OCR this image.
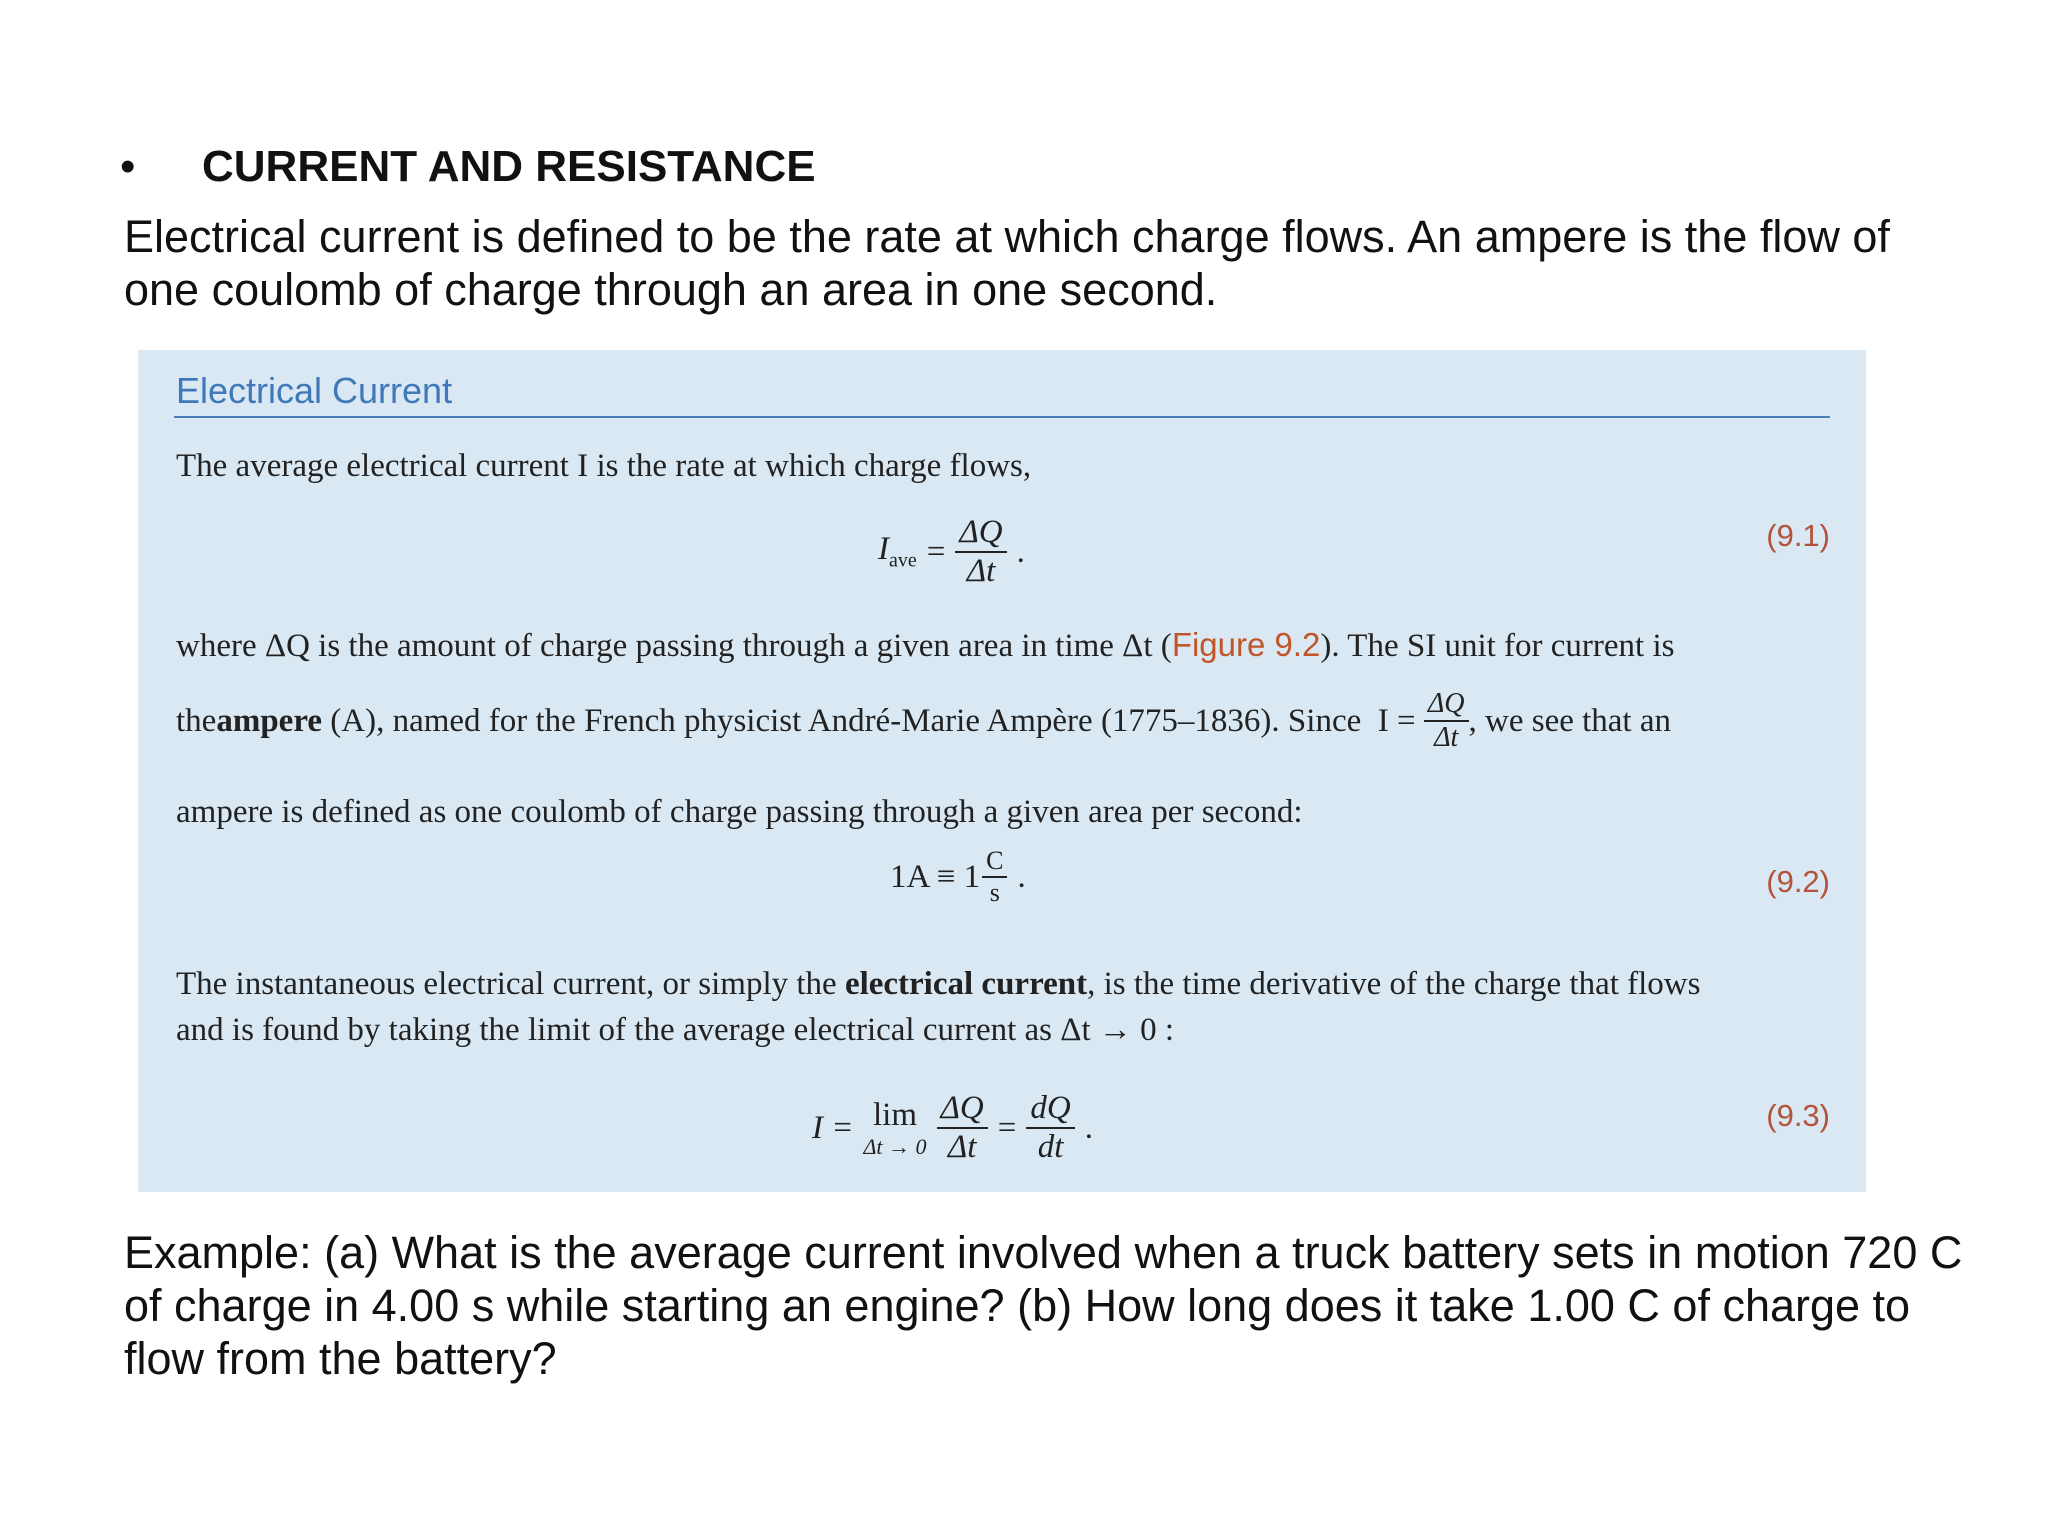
•	CURRENT AND RESISTANCE
Electrical current is defined to be the rate at which charge flows. An ampere is the flow of one coulomb of charge through an area in one second.
Electrical Current
The average electrical current I is the rate at which charge flows,
$I_{ave} = \frac{\Delta Q}{\Delta t}$ .	(9.1)
where ΔQ is the amount of charge passing through a given area in time Δt (Figure 9.2). The SI unit for current is
the ampere (A), named for the French physicist André-Marie Ampère (1775–1836). Since  $I = \frac{\Delta Q}{\Delta t}$ , we see that an
ampere is defined as one coulomb of charge passing through a given area per second:
$1A \equiv 1 \frac{C}{s}$ .	(9.2)
The instantaneous electrical current, or simply the electrical current, is the time derivative of the charge that flows
and is found by taking the limit of the average electrical current as Δt → 0 :
I = lim
$\Delta t \to 0 \frac{\Delta Q}{\Delta t} = \frac{dQ}{dt}$ .	(9.3)
Example: (a) What is the average current involved when a truck battery sets in motion 720 C of charge in 4.00 s while starting an engine? (b) How long does it take 1.00 C of charge to flow from the battery?
